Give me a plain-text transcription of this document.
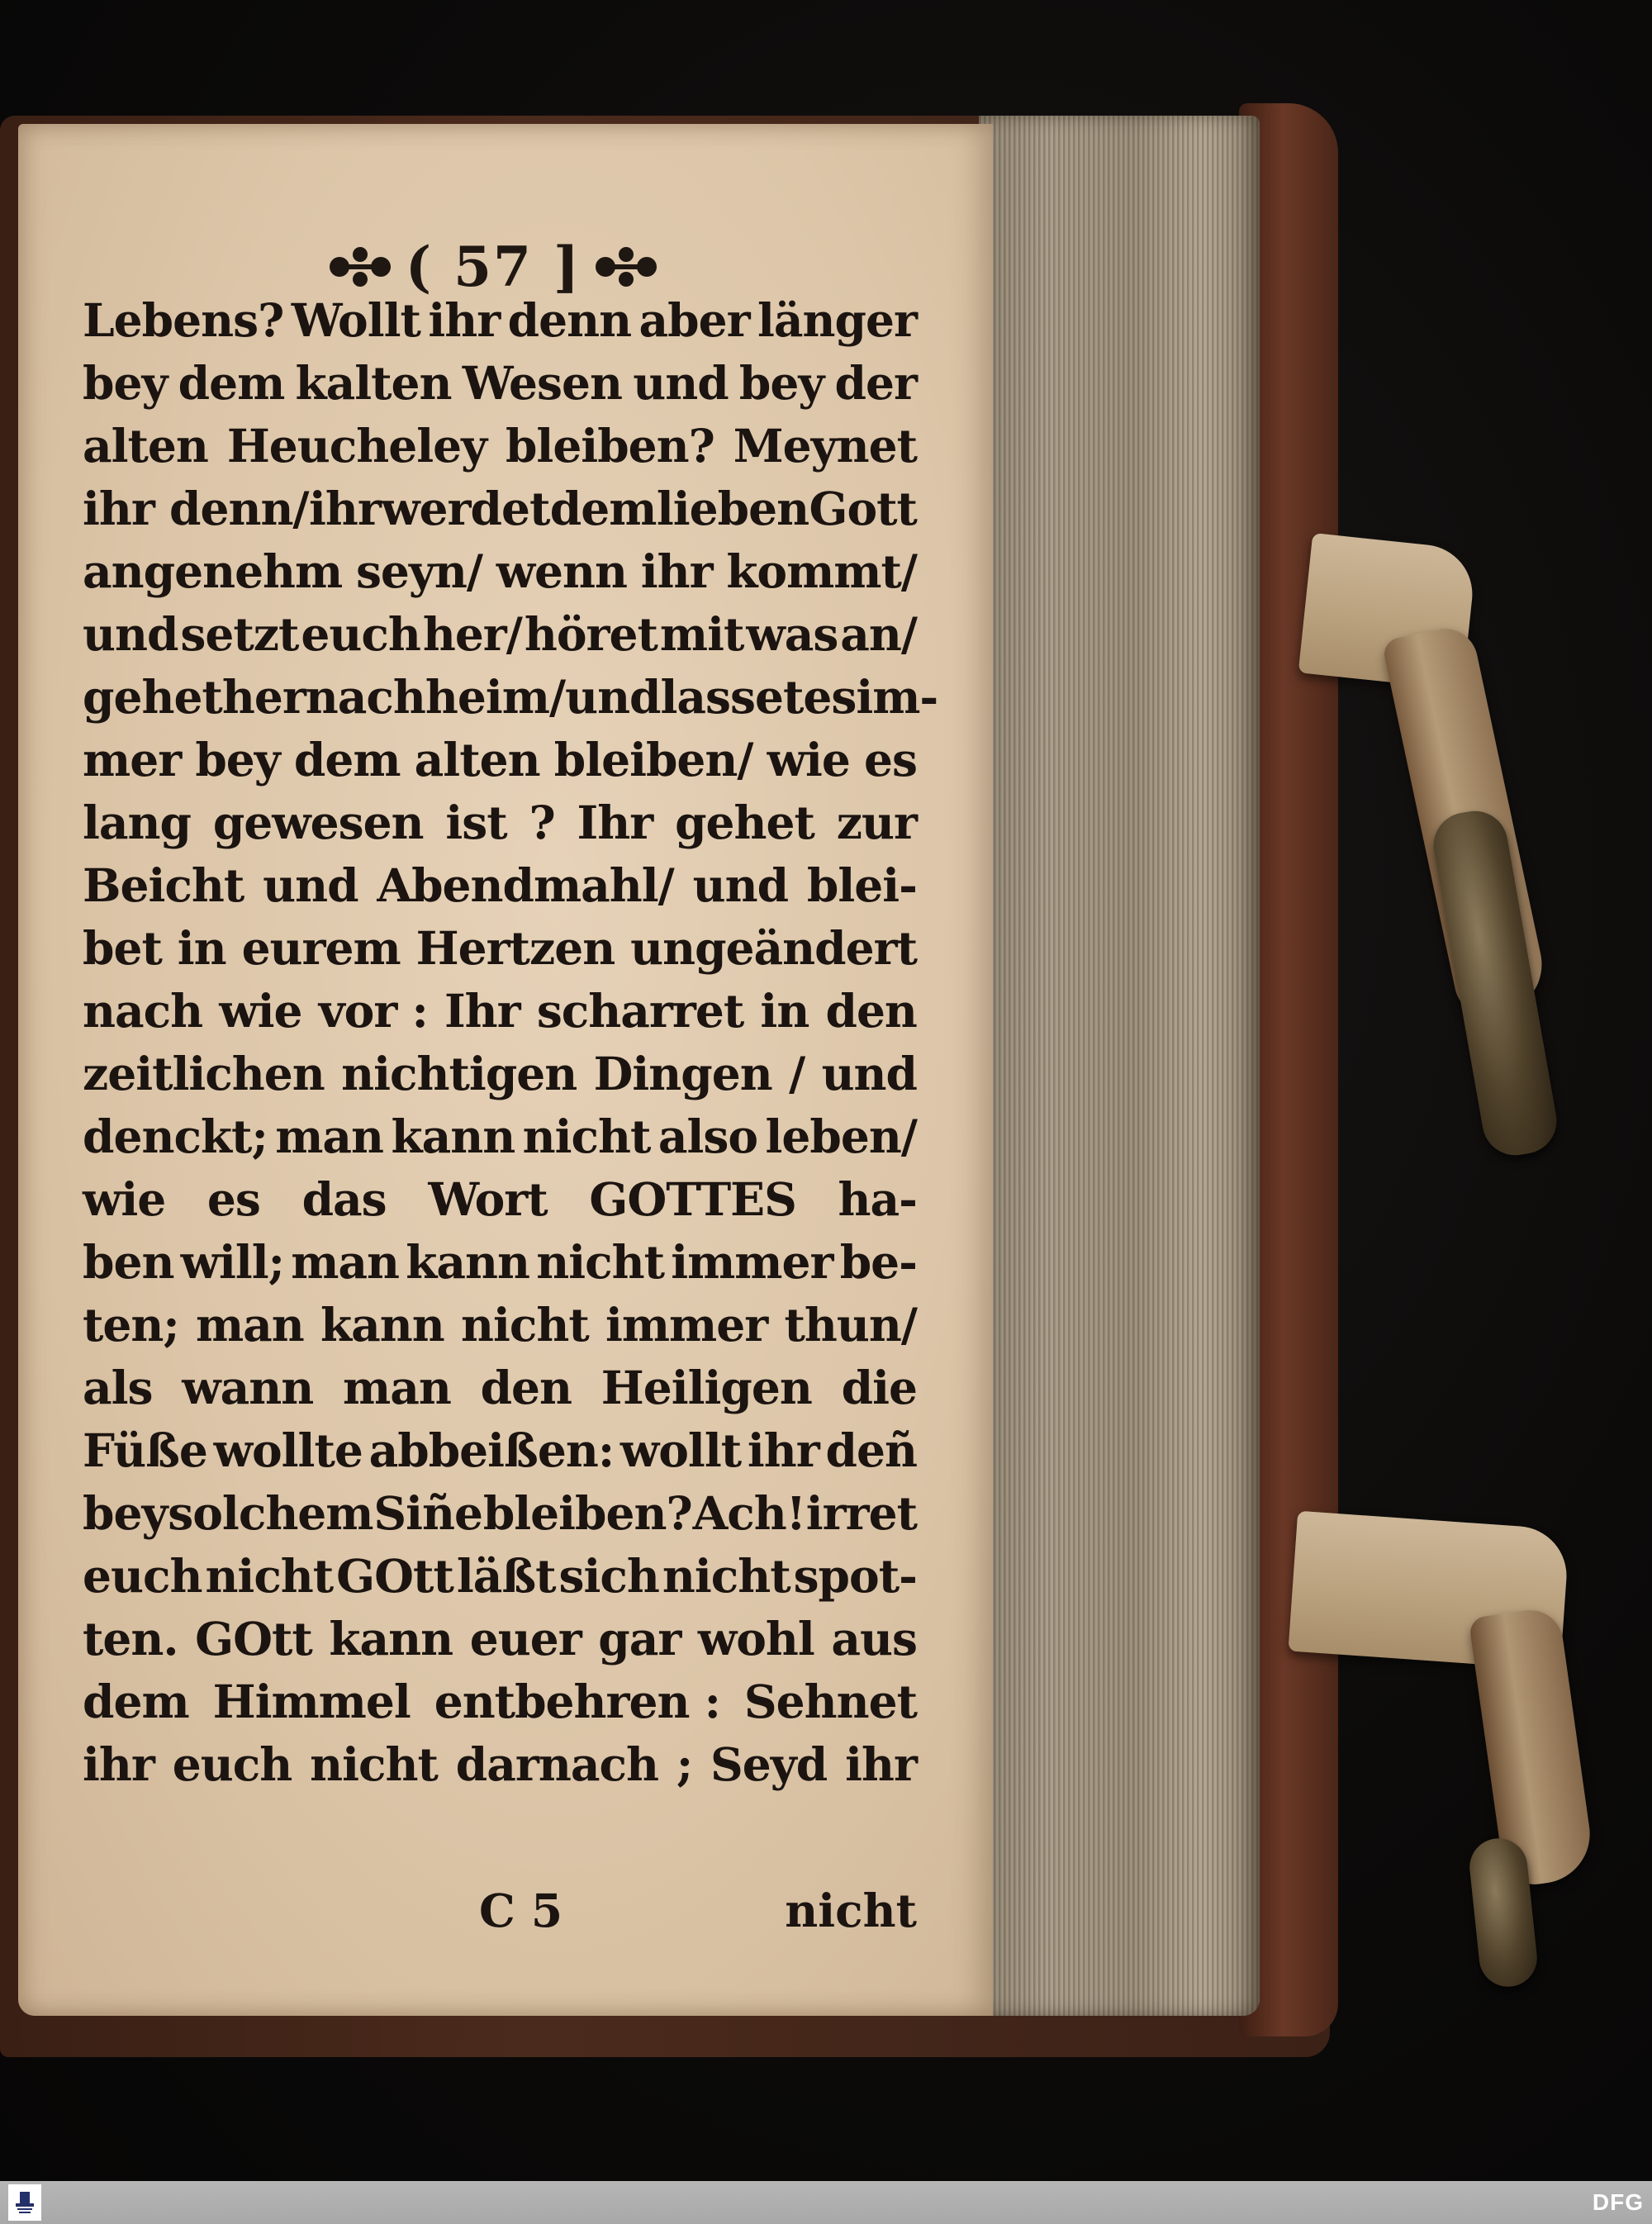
( 57 ]
Lebens? Wollt ihr denn aber länger
bey dem kalten Wesen und bey der
alten Heucheley bleiben? Meynet
ihr denn/ ihr werdet dem lieben Gott
angenehm seyn/ wenn ihr kommt/
und setzt euch her/ höret mit was an/
gehet hernach heim/ und lasset es im-
mer bey dem alten bleiben/ wie es
lang gewesen ist ? Ihr gehet zur
Beicht und Abendmahl/ und blei-
bet in eurem Hertzen ungeändert
nach wie vor : Ihr scharret in den
zeitlichen nichtigen Dingen / und
denckt; man kann nicht also leben/
wie es das Wort GOTTES ha-
ben will; man kann nicht immer be-
ten; man kann nicht immer thun/
als wann man den Heiligen die
Füße wollte abbeißen: wollt ihr deñ
bey solchem Siñe bleiben? Ach! irret
euch nicht GOtt läßt sich nicht spot-
ten. GOtt kann euer gar wohl aus
dem Himmel entbehren : Sehnet
ihr euch nicht darnach ; Seyd ihr
C 5	nicht
DFG
